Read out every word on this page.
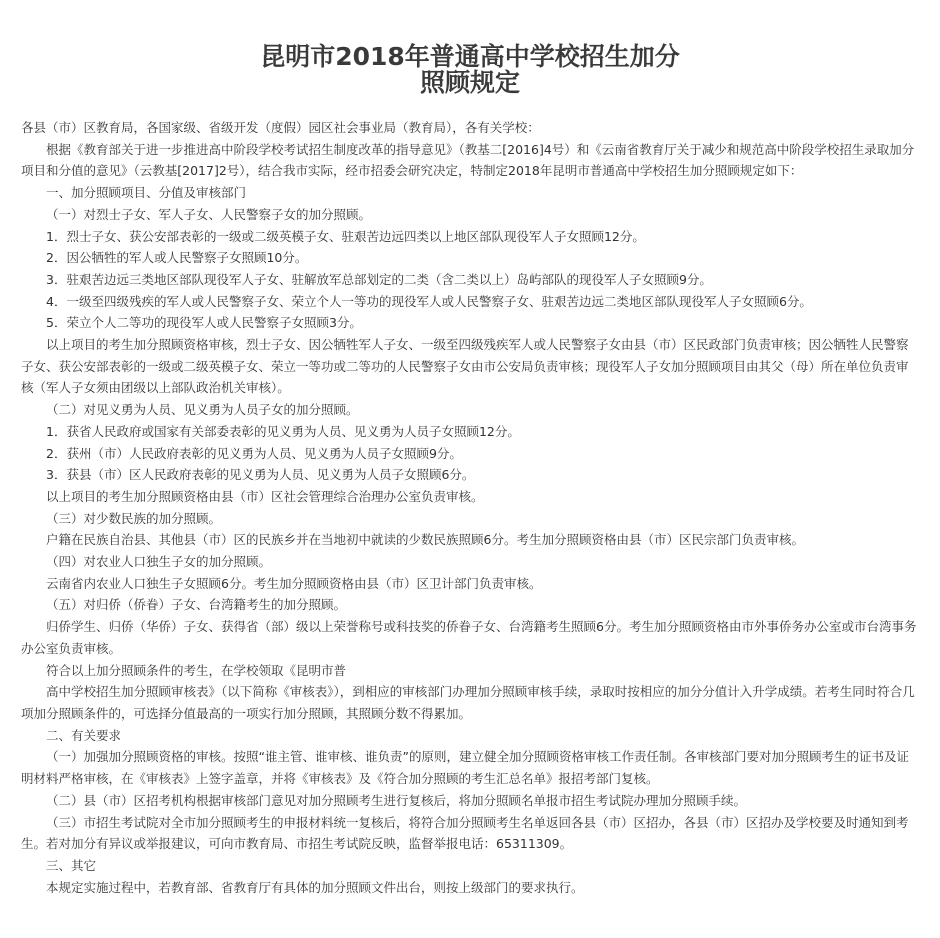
昆明市2018年普通高中学校招生加分
照顾规定

各县（市）区教育局，各国家级、省级开发（度假）园区社会事业局（教育局），各有关学校：

根据《教育部关于进一步推进高中阶段学校考试招生制度改革的指导意见》（教基二[2016]4号）和《云南省教育厅关于减少和规范高中阶段学校招生录取加分项目和分值的意见》（云教基[2017]2号），结合我市实际，经市招委会研究决定，特制定2018年昆明市普通高中学校招生加分照顾规定如下：

一、加分照顾项目、分值及审核部门

（一）对烈士子女、军人子女、人民警察子女的加分照顾。

1．烈士子女、获公安部表彰的一级或二级英模子女、驻艰苦边远四类以上地区部队现役军人子女照顾12分。

2．因公牺牲的军人或人民警察子女照顾10分。

3．驻艰苦边远三类地区部队现役军人子女、驻解放军总部划定的二类（含二类以上）岛屿部队的现役军人子女照顾9分。

4．一级至四级残疾的军人或人民警察子女、荣立个人一等功的现役军人或人民警察子女、驻艰苦边远二类地区部队现役军人子女照顾6分。

5．荣立个人二等功的现役军人或人民警察子女照顾3分。

以上项目的考生加分照顾资格审核，烈士子女、因公牺牲军人子女、一级至四级残疾军人或人民警察子女由县（市）区民政部门负责审核；因公牺牲人民警察子女、获公安部表彰的一级或二级英模子女、荣立一等功或二等功的人民警察子女由市公安局负责审核；现役军人子女加分照顾项目由其父（母）所在单位负责审核（军人子女须由团级以上部队政治机关审核）。

（二）对见义勇为人员、见义勇为人员子女的加分照顾。

1．获省人民政府或国家有关部委表彰的见义勇为人员、见义勇为人员子女照顾12分。

2．获州（市）人民政府表彰的见义勇为人员、见义勇为人员子女照顾9分。

3．获县（市）区人民政府表彰的见义勇为人员、见义勇为人员子女照顾6分。

以上项目的考生加分照顾资格由县（市）区社会管理综合治理办公室负责审核。

（三）对少数民族的加分照顾。

户籍在民族自治县、其他县（市）区的民族乡并在当地初中就读的少数民族照顾6分。考生加分照顾资格由县（市）区民宗部门负责审核。

（四）对农业人口独生子女的加分照顾。

云南省内农业人口独生子女照顾6分。考生加分照顾资格由县（市）区卫计部门负责审核。

（五）对归侨（侨眷）子女、台湾籍考生的加分照顾。

归侨学生、归侨（华侨）子女、获得省（部）级以上荣誉称号或科技奖的侨眷子女、台湾籍考生照顾6分。考生加分照顾资格由市外事侨务办公室或市台湾事务办公室负责审核。

符合以上加分照顾条件的考生，在学校领取《昆明市普

高中学校招生加分照顾审核表》（以下简称《审核表》），到相应的审核部门办理加分照顾审核手续，录取时按相应的加分分值计入升学成绩。若考生同时符合几项加分照顾条件的，可选择分值最高的一项实行加分照顾，其照顾分数不得累加。

二、有关要求

（一）加强加分照顾资格的审核。按照“谁主管、谁审核、谁负责”的原则，建立健全加分照顾资格审核工作责任制。各审核部门要对加分照顾考生的证书及证明材料严格审核，在《审核表》上签字盖章，并将《审核表》及《符合加分照顾的考生汇总名单》报招考部门复核。

（二）县（市）区招考机构根据审核部门意见对加分照顾考生进行复核后，将加分照顾名单报市招生考试院办理加分照顾手续。

（三）市招生考试院对全市加分照顾考生的申报材料统一复核后，将符合加分照顾考生名单返回各县（市）区招办，各县（市）区招办及学校要及时通知到考生。若对加分有异议或举报建议，可向市教育局、市招生考试院反映，监督举报电话：65311309。

三、其它

本规定实施过程中，若教育部、省教育厅有具体的加分照顾文件出台，则按上级部门的要求执行。
